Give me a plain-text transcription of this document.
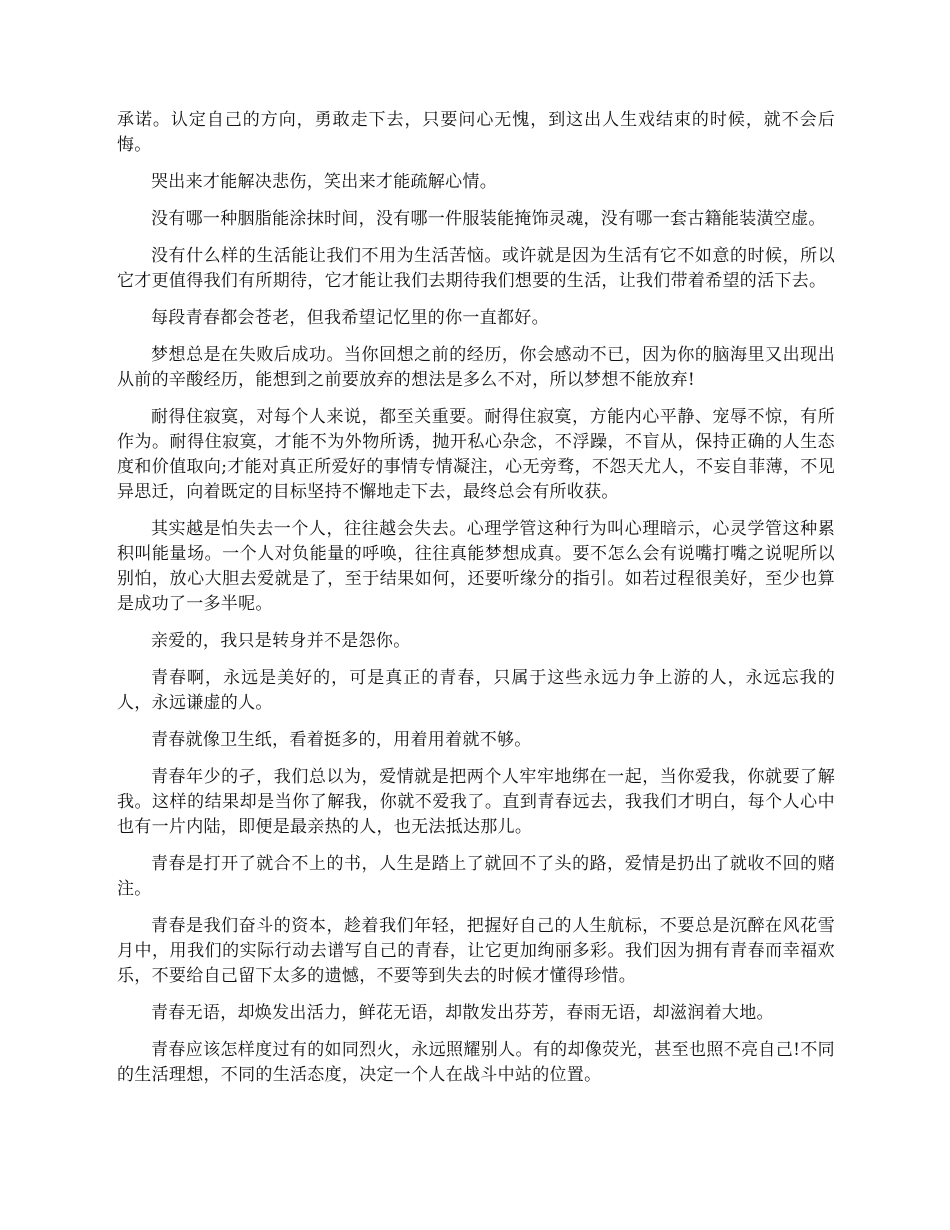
承诺。认定自己的方向，勇敢走下去，只要问心无愧，到这出人生戏结束的时候，就不会后悔。

哭出来才能解决悲伤，笑出来才能疏解心情。

没有哪一种胭脂能涂抹时间，没有哪一件服装能掩饰灵魂，没有哪一套古籍能装潢空虚。

没有什么样的生活能让我们不用为生活苦恼。或许就是因为生活有它不如意的时候，所以它才更值得我们有所期待，它才能让我们去期待我们想要的生活，让我们带着希望的活下去。

每段青春都会苍老，但我希望记忆里的你一直都好。

梦想总是在失败后成功。当你回想之前的经历，你会感动不已，因为你的脑海里又出现出从前的辛酸经历，能想到之前要放弃的想法是多么不对，所以梦想不能放弃!

耐得住寂寞，对每个人来说，都至关重要。耐得住寂寞，方能内心平静、宠辱不惊，有所作为。耐得住寂寞，才能不为外物所诱，抛开私心杂念，不浮躁，不盲从，保持正确的人生态度和价值取向;才能对真正所爱好的事情专情凝注，心无旁骛，不怨天尤人，不妄自菲薄，不见异思迁，向着既定的目标坚持不懈地走下去，最终总会有所收获。

其实越是怕失去一个人，往往越会失去。心理学管这种行为叫心理暗示，心灵学管这种累积叫能量场。一个人对负能量的呼唤，往往真能梦想成真。要不怎么会有说嘴打嘴之说呢所以别怕，放心大胆去爱就是了，至于结果如何，还要听缘分的指引。如若过程很美好，至少也算是成功了一多半呢。

亲爱的，我只是转身并不是怨你。

青春啊，永远是美好的，可是真正的青春，只属于这些永远力争上游的人，永远忘我的人，永远谦虚的人。

青春就像卫生纸，看着挺多的，用着用着就不够。

青春年少的孑，我们总以为，爱情就是把两个人牢牢地绑在一起，当你爱我，你就要了解我。这样的结果却是当你了解我，你就不爱我了。直到青春远去，我我们才明白，每个人心中也有一片内陆，即便是最亲热的人，也无法抵达那儿。

青春是打开了就合不上的书，人生是踏上了就回不了头的路，爱情是扔出了就收不回的赌注。

青春是我们奋斗的资本，趁着我们年轻，把握好自己的人生航标，不要总是沉醉在风花雪月中，用我们的实际行动去谱写自己的青春，让它更加绚丽多彩。我们因为拥有青春而幸福欢乐，不要给自己留下太多的遗憾，不要等到失去的时候才懂得珍惜。

青春无语，却焕发出活力，鲜花无语，却散发出芬芳，春雨无语，却滋润着大地。

青春应该怎样度过有的如同烈火，永远照耀别人。有的却像荧光，甚至也照不亮自己!不同的生活理想，不同的生活态度，决定一个人在战斗中站的位置。
